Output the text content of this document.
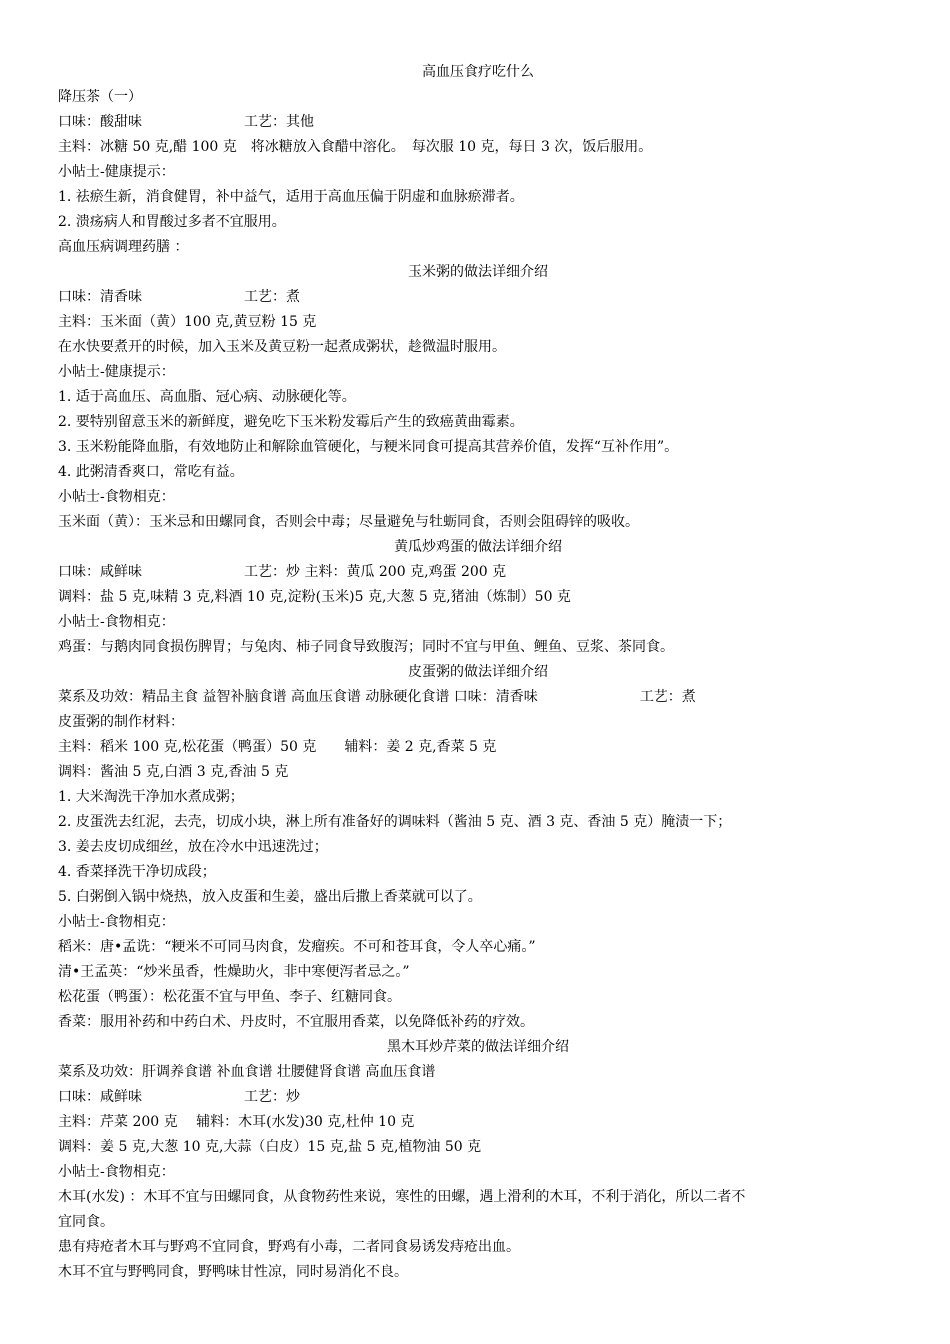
高血压食疗吃什么
降压茶（一）
口味：酸甜味	工艺：其他
主料：冰糖 50 克,醋 100 克　将冰糖放入食醋中溶化。　每次服 10 克，每日 3 次，饭后服用。
小帖士-健康提示：
1. 祛瘀生新，消食健胃，补中益气，适用于高血压偏于阴虚和血脉瘀滞者。
2. 溃疡病人和胃酸过多者不宜服用。
高血压病调理药膳 ：
玉米粥的做法详细介绍
口味：清香味	工艺：煮
主料：玉米面（黄）100 克,黄豆粉 15 克
在水快要煮开的时候，加入玉米及黄豆粉一起煮成粥状，趁微温时服用。
小帖士-健康提示：
1. 适于高血压、高血脂、冠心病、动脉硬化等。
2. 要特别留意玉米的新鲜度，避免吃下玉米粉发霉后产生的致癌黄曲霉素。
3. 玉米粉能降血脂，有效地防止和解除血管硬化，与粳米同食可提高其营养价值，发挥“互补作用”。
4. 此粥清香爽口，常吃有益。
小帖士-食物相克：
玉米面（黄）：玉米忌和田螺同食，否则会中毒；尽量避免与牡蛎同食，否则会阻碍锌的吸收。
黄瓜炒鸡蛋的做法详细介绍
口味：咸鲜味	工艺：炒 主料：黄瓜 200 克,鸡蛋 200 克
调料：盐 5 克,味精 3 克,料酒 10 克,淀粉(玉米)5 克,大葱 5 克,猪油（炼制）50 克
小帖士-食物相克：
鸡蛋：与鹅肉同食损伤脾胃；与兔肉、柿子同食导致腹泻；同时不宜与甲鱼、鲤鱼、豆浆、茶同食。
皮蛋粥的做法详细介绍
菜系及功效：精品主食 益智补脑食谱 高血压食谱 动脉硬化食谱 口味：清香味	工艺：煮
皮蛋粥的制作材料：
主料：稻米 100 克,松花蛋（鸭蛋）50 克　　辅料：姜 2 克,香菜 5 克
调料：酱油 5 克,白酒 3 克,香油 5 克
1. 大米淘洗干净加水煮成粥；
2. 皮蛋洗去红泥，去壳，切成小块，淋上所有准备好的调味料（酱油 5 克、酒 3 克、香油 5 克）腌渍一下；
3. 姜去皮切成细丝，放在冷水中迅速洗过；
4. 香菜择洗干净切成段；
5. 白粥倒入锅中烧热，放入皮蛋和生姜，盛出后撒上香菜就可以了。
小帖士-食物相克：
稻米：唐•孟诜：“粳米不可同马肉食，发瘤疾。不可和苍耳食，令人卒心痛。”
清•王孟英：“炒米虽香，性燥助火，非中寒便泻者忌之。”
松花蛋（鸭蛋）：松花蛋不宜与甲鱼、李子、红糖同食。
香菜：服用补药和中药白术、丹皮时，不宜服用香菜，以免降低补药的疗效。
黑木耳炒芹菜的做法详细介绍
菜系及功效：肝调养食谱 补血食谱 壮腰健肾食谱 高血压食谱
口味：咸鲜味	工艺：炒
主料：芹菜 200 克　 辅料：木耳(水发)30 克,杜仲 10 克
调料：姜 5 克,大葱 10 克,大蒜（白皮）15 克,盐 5 克,植物油 50 克
小帖士-食物相克：
木耳(水发) ：木耳不宜与田螺同食，从食物药性来说，寒性的田螺，遇上滑利的木耳，不利于消化，所以二者不
宜同食。
患有痔疮者木耳与野鸡不宜同食，野鸡有小毒，二者同食易诱发痔疮出血。
木耳不宜与野鸭同食，野鸭味甘性凉，同时易消化不良。
